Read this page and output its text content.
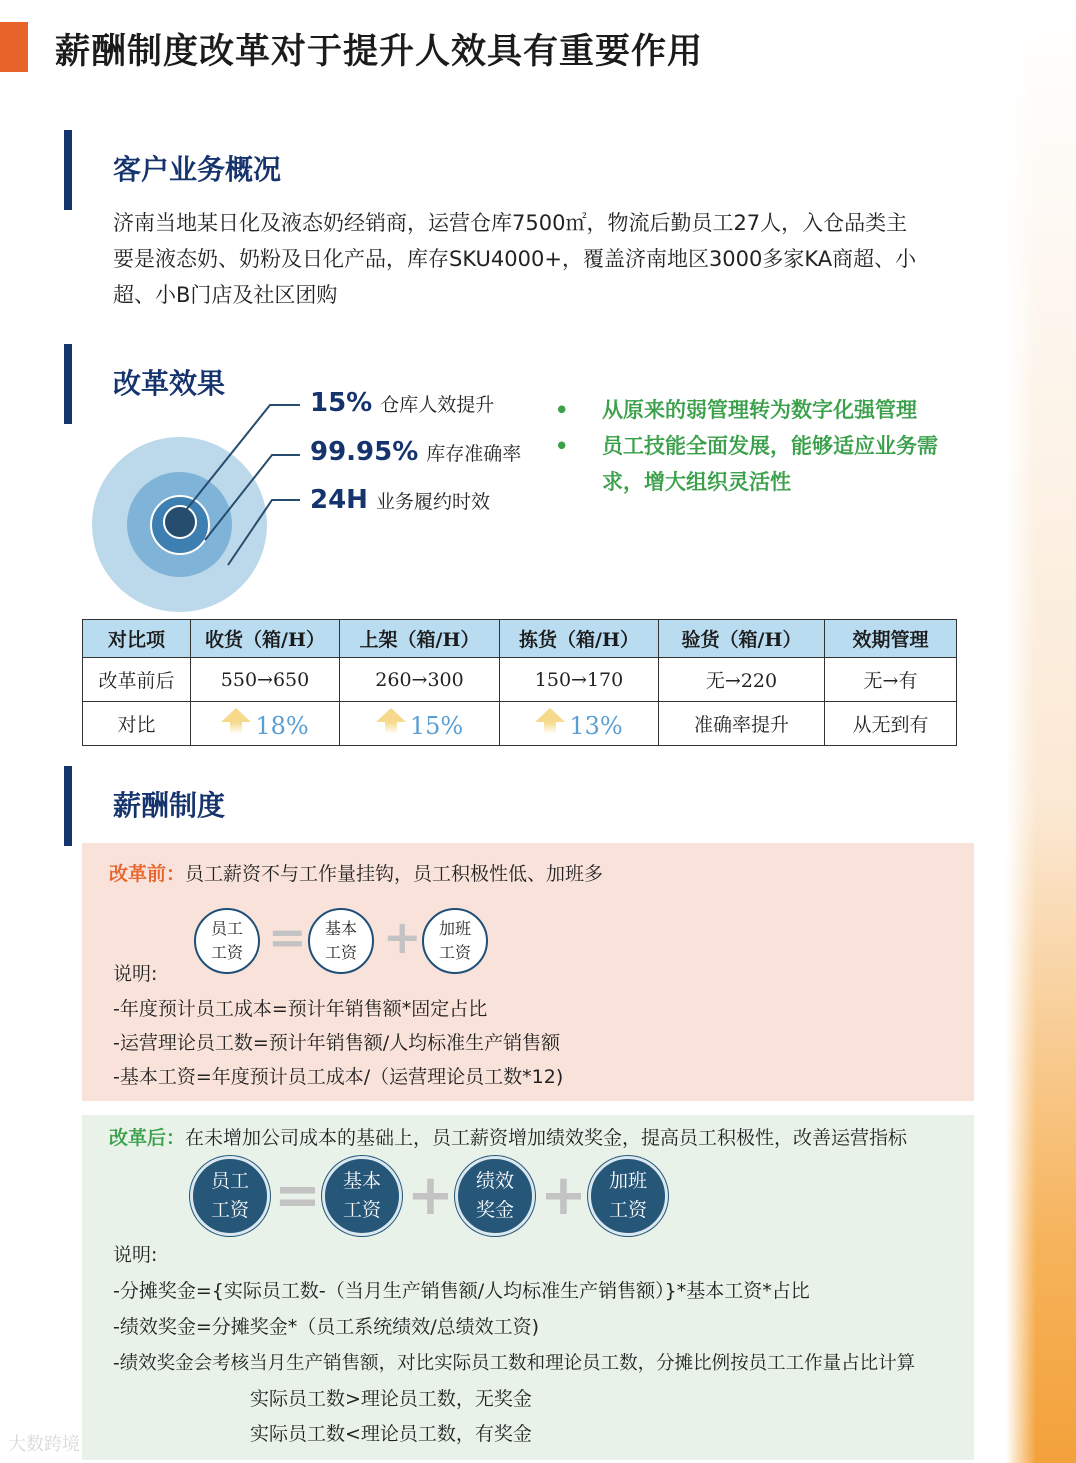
薪酬制度改革对于提升人效具有重要作用
客户业务概况
济南当地某日化及液态奶经销商，运营仓库7500㎡，物流后勤员工27人，入仓品类主
要是液态奶、奶粉及日化产品，库存SKU4000+，覆盖济南地区3000多家KA商超、小
超、小B门店及社区团购
改革效果
15% 仓库人效提升
99.95% 库存准确率
24H 业务履约时效
• 从原来的弱管理转为数字化强管理
• 员工技能全面发展，能够适应业务需
求，增大组织灵活性
对比项	收货（箱/H）	上架（箱/H）	拣货（箱/H）	验货（箱/H）	效期管理
改革前后	550→650	260→300	150→170	无→220	无→有
对比	18%	15%	13%	准确率提升	从无到有
薪酬制度
改革前：员工薪资不与工作量挂钩，员工积极性低、加班多
员工
工资 = 基本
工资 + 加班
工资
说明:
-年度预计员工成本=预计年销售额*固定占比
-运营理论员工数=预计年销售额/人均标准生产销售额
-基本工资=年度预计员工成本/（运营理论员工数*12)
改革后：在未增加公司成本的基础上，员工薪资增加绩效奖金，提高员工积极性，改善运营指标
员工
工资 = 基本
工资 + 绩效
奖金 + 加班
工资
说明:
-分摊奖金={实际员工数-（当月生产销售额/人均标准生产销售额）}*基本工资*占比
-绩效奖金=分摊奖金*（员工系统绩效/总绩效工资)
-绩效奖金会考核当月生产销售额，对比实际员工数和理论员工数，分摊比例按员工工作量占比计算
实际员工数>理论员工数，无奖金
实际员工数<理论员工数，有奖金
大数跨境
